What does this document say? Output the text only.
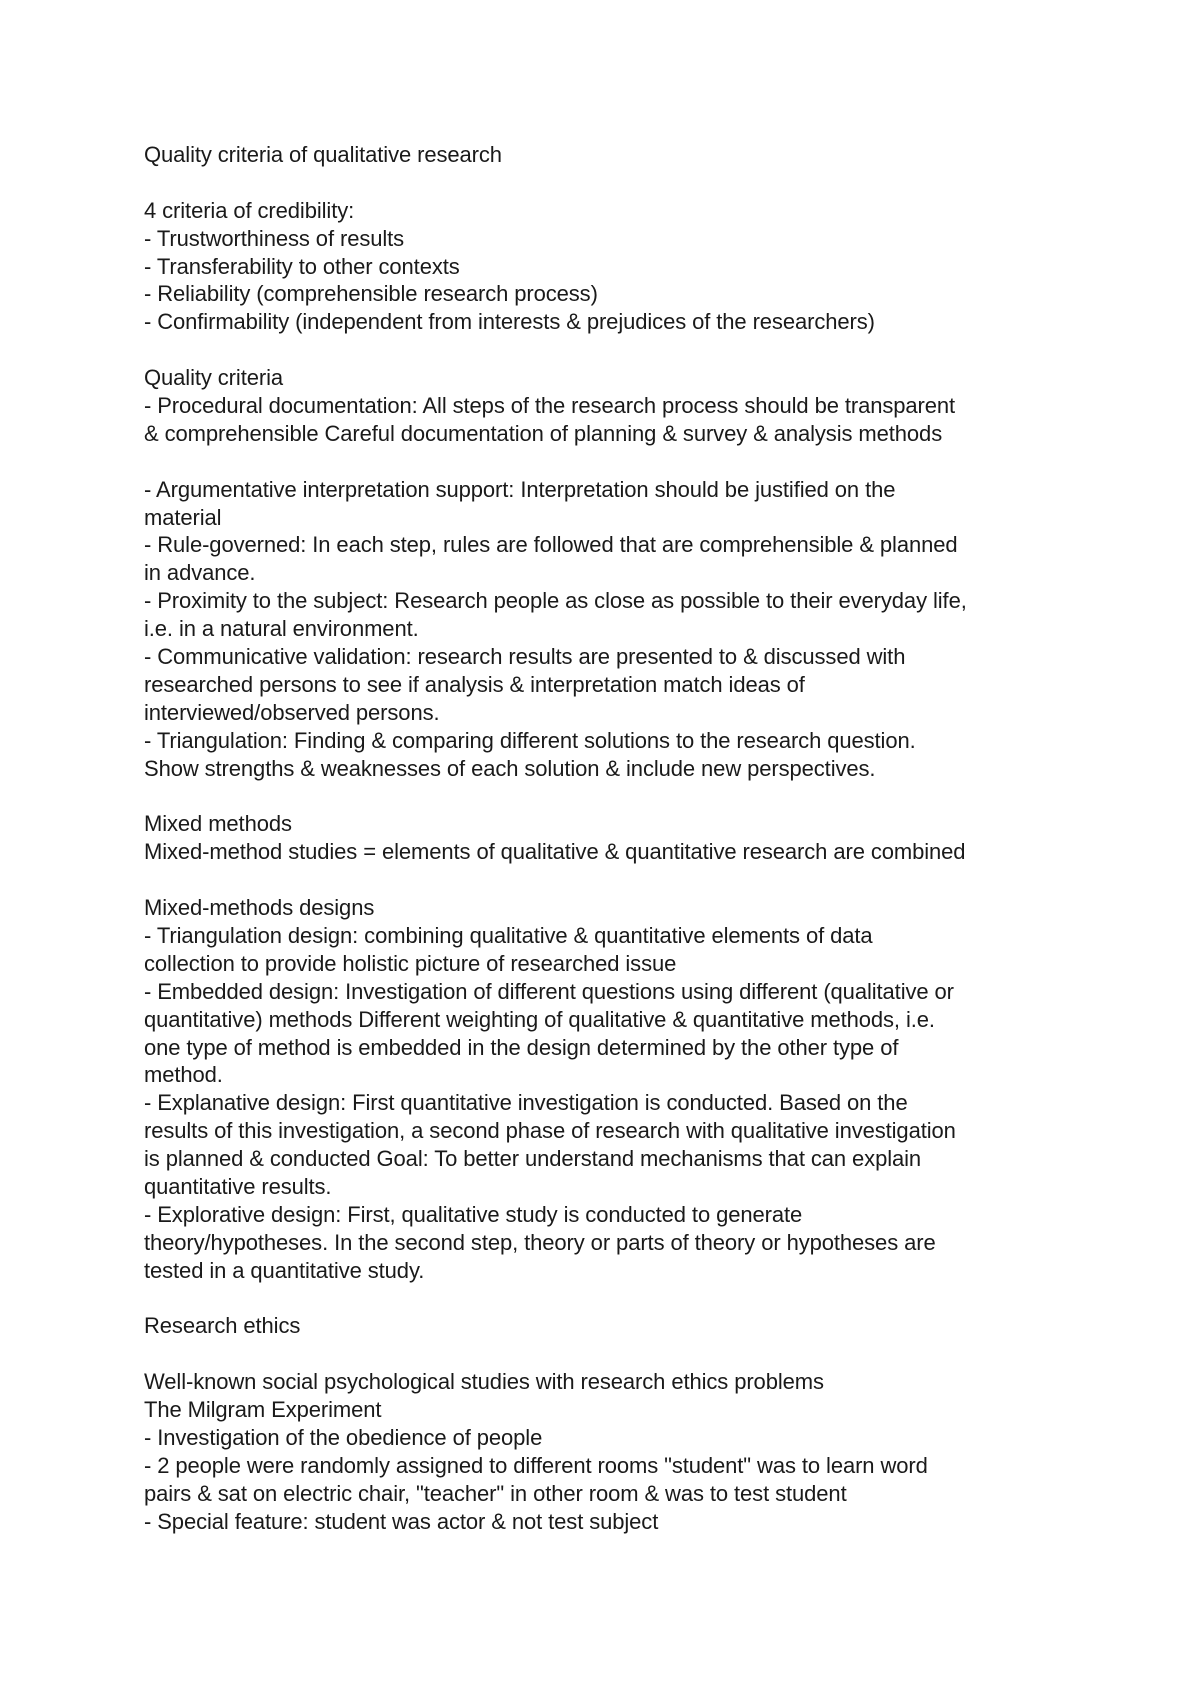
Quality criteria of qualitative research
4 criteria of credibility:
- Trustworthiness of results
- Transferability to other contexts
- Reliability (comprehensible research process)
- Confirmability (independent from interests & prejudices of the researchers)
Quality criteria
- Procedural documentation: All steps of the research process should be transparent
& comprehensible Careful documentation of planning & survey & analysis methods
- Argumentative interpretation support: Interpretation should be justified on the
material
- Rule-governed: In each step, rules are followed that are comprehensible & planned
in advance.
- Proximity to the subject: Research people as close as possible to their everyday life,
i.e. in a natural environment.
- Communicative validation: research results are presented to & discussed with
researched persons to see if analysis & interpretation match ideas of
interviewed/observed persons.
- Triangulation: Finding & comparing different solutions to the research question.
Show strengths & weaknesses of each solution & include new perspectives.
Mixed methods
Mixed-method studies = elements of qualitative & quantitative research are combined
Mixed-methods designs
- Triangulation design: combining qualitative & quantitative elements of data
collection to provide holistic picture of researched issue
- Embedded design: Investigation of different questions using different (qualitative or
quantitative) methods Different weighting of qualitative & quantitative methods, i.e.
one type of method is embedded in the design determined by the other type of
method.
- Explanative design: First quantitative investigation is conducted. Based on the
results of this investigation, a second phase of research with qualitative investigation
is planned & conducted Goal: To better understand mechanisms that can explain
quantitative results.
- Explorative design: First, qualitative study is conducted to generate
theory/hypotheses. In the second step, theory or parts of theory or hypotheses are
tested in a quantitative study.
Research ethics
Well-known social psychological studies with research ethics problems
The Milgram Experiment
- Investigation of the obedience of people
- 2 people were randomly assigned to different rooms "student" was to learn word
pairs & sat on electric chair, "teacher" in other room & was to test student
- Special feature: student was actor & not test subject
